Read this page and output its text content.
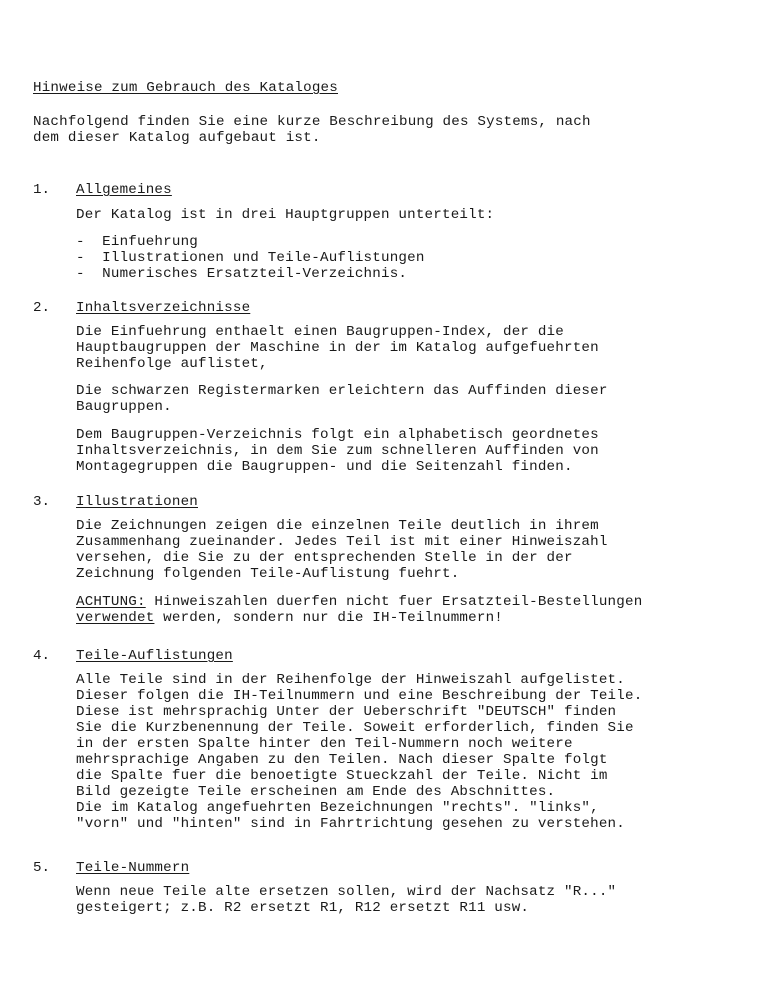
Hinweise zum Gebrauch des Kataloges
Nachfolgend finden Sie eine kurze Beschreibung des Systems, nach
dem dieser Katalog aufgebaut ist.
1. Allgemeines
Der Katalog ist in drei Hauptgruppen unterteilt:
-  Einfuehrung
-  Illustrationen und Teile-Auflistungen
-  Numerisches Ersatzteil-Verzeichnis.
2. Inhaltsverzeichnisse
Die Einfuehrung enthaelt einen Baugruppen-Index, der die
Hauptbaugruppen der Maschine in der im Katalog aufgefuehrten
Reihenfolge auflistet,
Die schwarzen Registermarken erleichtern das Auffinden dieser
Baugruppen.
Dem Baugruppen-Verzeichnis folgt ein alphabetisch geordnetes
Inhaltsverzeichnis, in dem Sie zum schnelleren Auffinden von
Montagegruppen die Baugruppen- und die Seitenzahl finden.
3. Illustrationen
Die Zeichnungen zeigen die einzelnen Teile deutlich in ihrem
Zusammenhang zueinander. Jedes Teil ist mit einer Hinweiszahl
versehen, die Sie zu der entsprechenden Stelle in der der
Zeichnung folgenden Teile-Auflistung fuehrt.
ACHTUNG: Hinweiszahlen duerfen nicht fuer Ersatzteil-Bestellungen
verwendet werden, sondern nur die IH-Teilnummern!
4. Teile-Auflistungen
Alle Teile sind in der Reihenfolge der Hinweiszahl aufgelistet.
Dieser folgen die IH-Teilnummern und eine Beschreibung der Teile.
Diese ist mehrsprachig Unter der Ueberschrift "DEUTSCH" finden
Sie die Kurzbenennung der Teile. Soweit erforderlich, finden Sie
in der ersten Spalte hinter den Teil-Nummern noch weitere
mehrsprachige Angaben zu den Teilen. Nach dieser Spalte folgt
die Spalte fuer die benoetigte Stueckzahl der Teile. Nicht im
Bild gezeigte Teile erscheinen am Ende des Abschnittes.
Die im Katalog angefuehrten Bezeichnungen "rechts". "links",
"vorn" und "hinten" sind in Fahrtrichtung gesehen zu verstehen.
5. Teile-Nummern
Wenn neue Teile alte ersetzen sollen, wird der Nachsatz "R..."
gesteigert; z.B. R2 ersetzt R1, R12 ersetzt R11 usw.
